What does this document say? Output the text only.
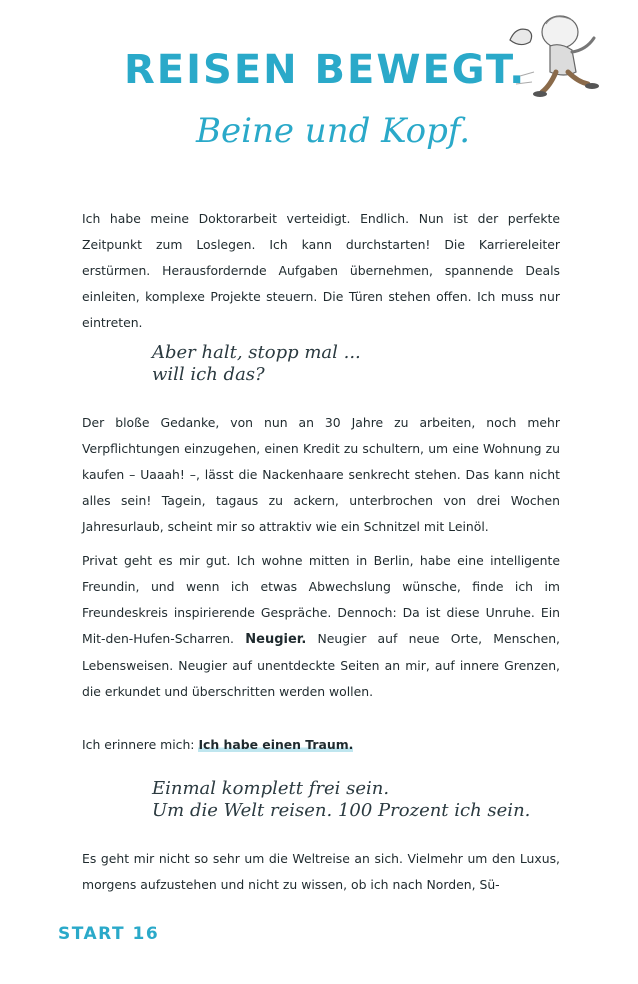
REISEN BEWEGT.
Beine und Kopf.

Ich habe meine Doktorarbeit verteidigt. Endlich. Nun ist der perfekte Zeitpunkt zum Loslegen. Ich kann durchstarten! Die Karriereleiter erstürmen. Herausfordernde Aufgaben übernehmen, spannende Deals einleiten, komplexe Projekte steuern. Die Türen stehen offen. Ich muss nur eintreten.

Aber halt, stopp mal ...
will ich das?

Der bloße Gedanke, von nun an 30 Jahre zu arbeiten, noch mehr Verpflichtungen einzugehen, einen Kredit zu schultern, um eine Wohnung zu kaufen – Uaaah! –, lässt die Nackenhaare senkrecht stehen. Das kann nicht alles sein! Tagein, tagaus zu ackern, unterbrochen von drei Wochen Jahresurlaub, scheint mir so attraktiv wie ein Schnitzel mit Leinöl.

Privat geht es mir gut. Ich wohne mitten in Berlin, habe eine intelligente Freundin, und wenn ich etwas Abwechslung wünsche, finde ich im Freundeskreis inspirierende Gespräche. Dennoch: Da ist diese Unruhe. Ein Mit-den-Hufen-Scharren. Neugier. Neugier auf neue Orte, Menschen, Lebensweisen. Neugier auf unentdeckte Seiten an mir, auf innere Grenzen, die erkundet und überschritten werden wollen.

Ich erinnere mich: Ich habe einen Traum.

Einmal komplett frei sein.
Um die Welt reisen. 100 Prozent ich sein.

Es geht mir nicht so sehr um die Weltreise an sich. Vielmehr um den Luxus, morgens aufzustehen und nicht zu wissen, ob ich nach Norden, Sü-

START 16
